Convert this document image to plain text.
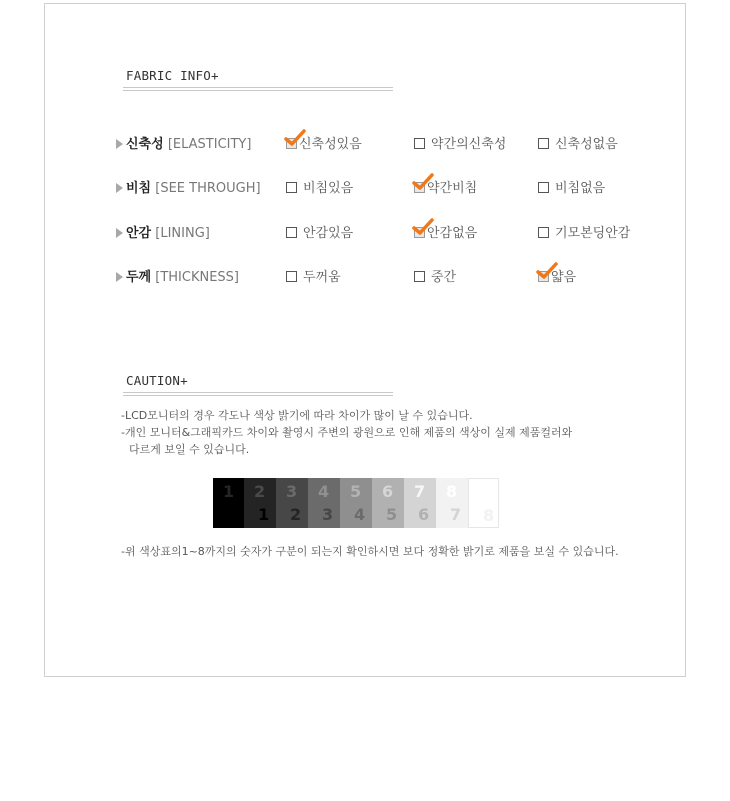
FABRIC INFO+
신축성 [ELASTICITY]	신축성있음	약간의신축성	신축성없음
비침 [SEE THROUGH]	비침있음	약간비침	비침없음
안감 [LINING]	안감있음	안감없음	기모본딩안감
두께 [THICKNESS]	두꺼움	중간	얇음
CAUTION+
-LCD모니터의 경우 각도나 색상 밝기에 따라 차이가 많이 날 수 있습니다.
-개인 모니터&그래픽카드 차이와 촬영시 주변의 광원으로 인해 제품의 색상이 실제 제품컬러와
다르게 보일 수 있습니다.
1 2
1
3
2
4
3
5
4
6
5
7
6
8
7 8
-위 색상표의1~8까지의 숫자가 구분이 되는지 확인하시면 보다 정확한 밝기로 제품을 보실 수 있습니다.
